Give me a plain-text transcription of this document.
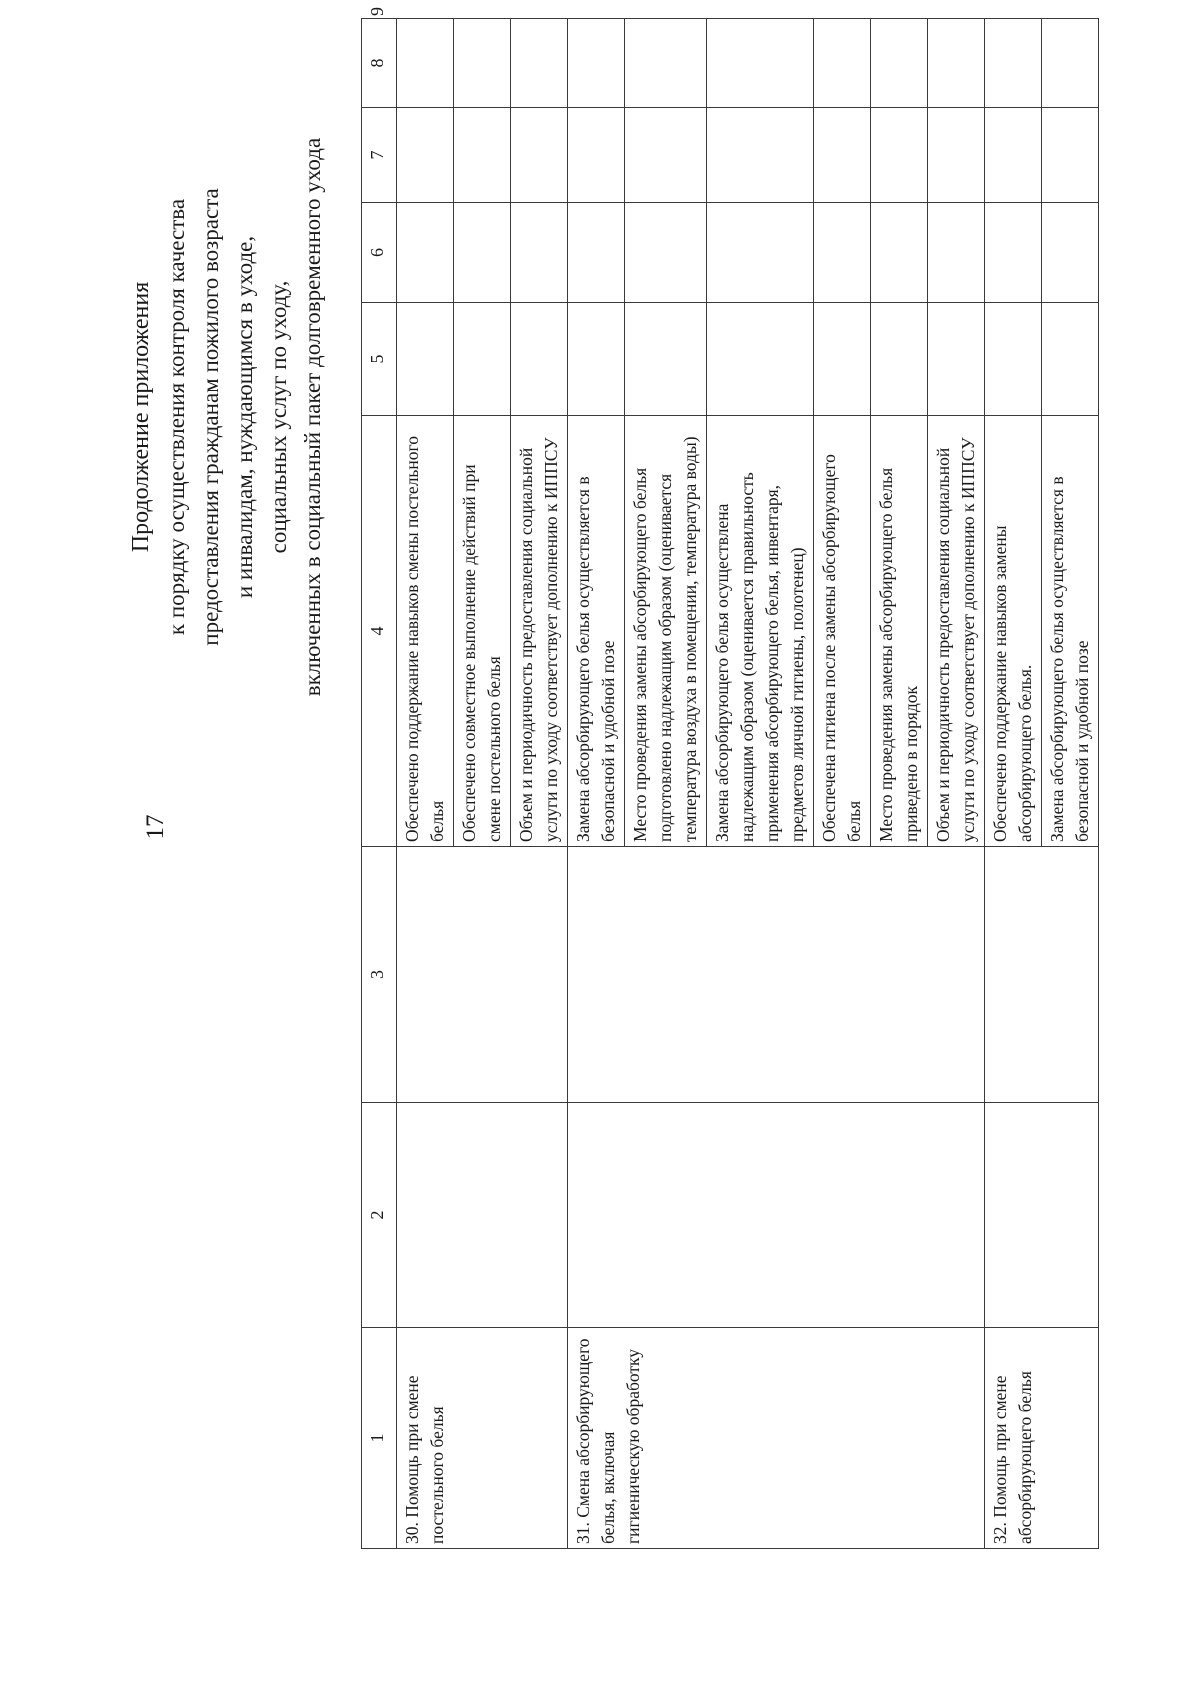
17
Продолжение приложения к порядку осуществления контроля качества предоставления гражданам пожилого возраста и инвалидам, нуждающимся в уходе, социальных услуг по уходу, включенных в социальный пакет долговременного ухода
1	2	3	4	5	6	7	8	9
30. Помощь при смене постельного белья			Обеспечено поддержание навыков смены постельного белья					
			Обеспечено совместное выполнение действий при смене постельного белья					
			Объем и периодичность предоставления социальной услуги по уходу соответствует дополнению к ИППСУ					
31. Смена абсорбирующего белья, включая гигиеническую обработку			Замена абсорбирующего белья осуществляется в безопасной и удобной позе					
			Место проведения замены абсорбирующего белья подготовлено надлежащим образом (оценивается температура воздуха в помещении, температура воды)					
			Замена абсорбирующего белья осуществлена надлежащим образом (оценивается правильность применения абсорбирующего белья, инвентаря, предметов личной гигиены, полотенец)					
			Обеспечена гигиена после замены абсорбирующего белья					
			Место проведения замены абсорбирующего белья приведено в порядок					
			Объем и периодичность предоставления социальной услуги по уходу соответствует дополнению к ИППСУ					
32. Помощь при смене абсорбирующего белья			Обеспечено поддержание навыков замены абсорбирующего белья.					
			Замена абсорбирующего белья осуществляется в безопасной и удобной позе					
